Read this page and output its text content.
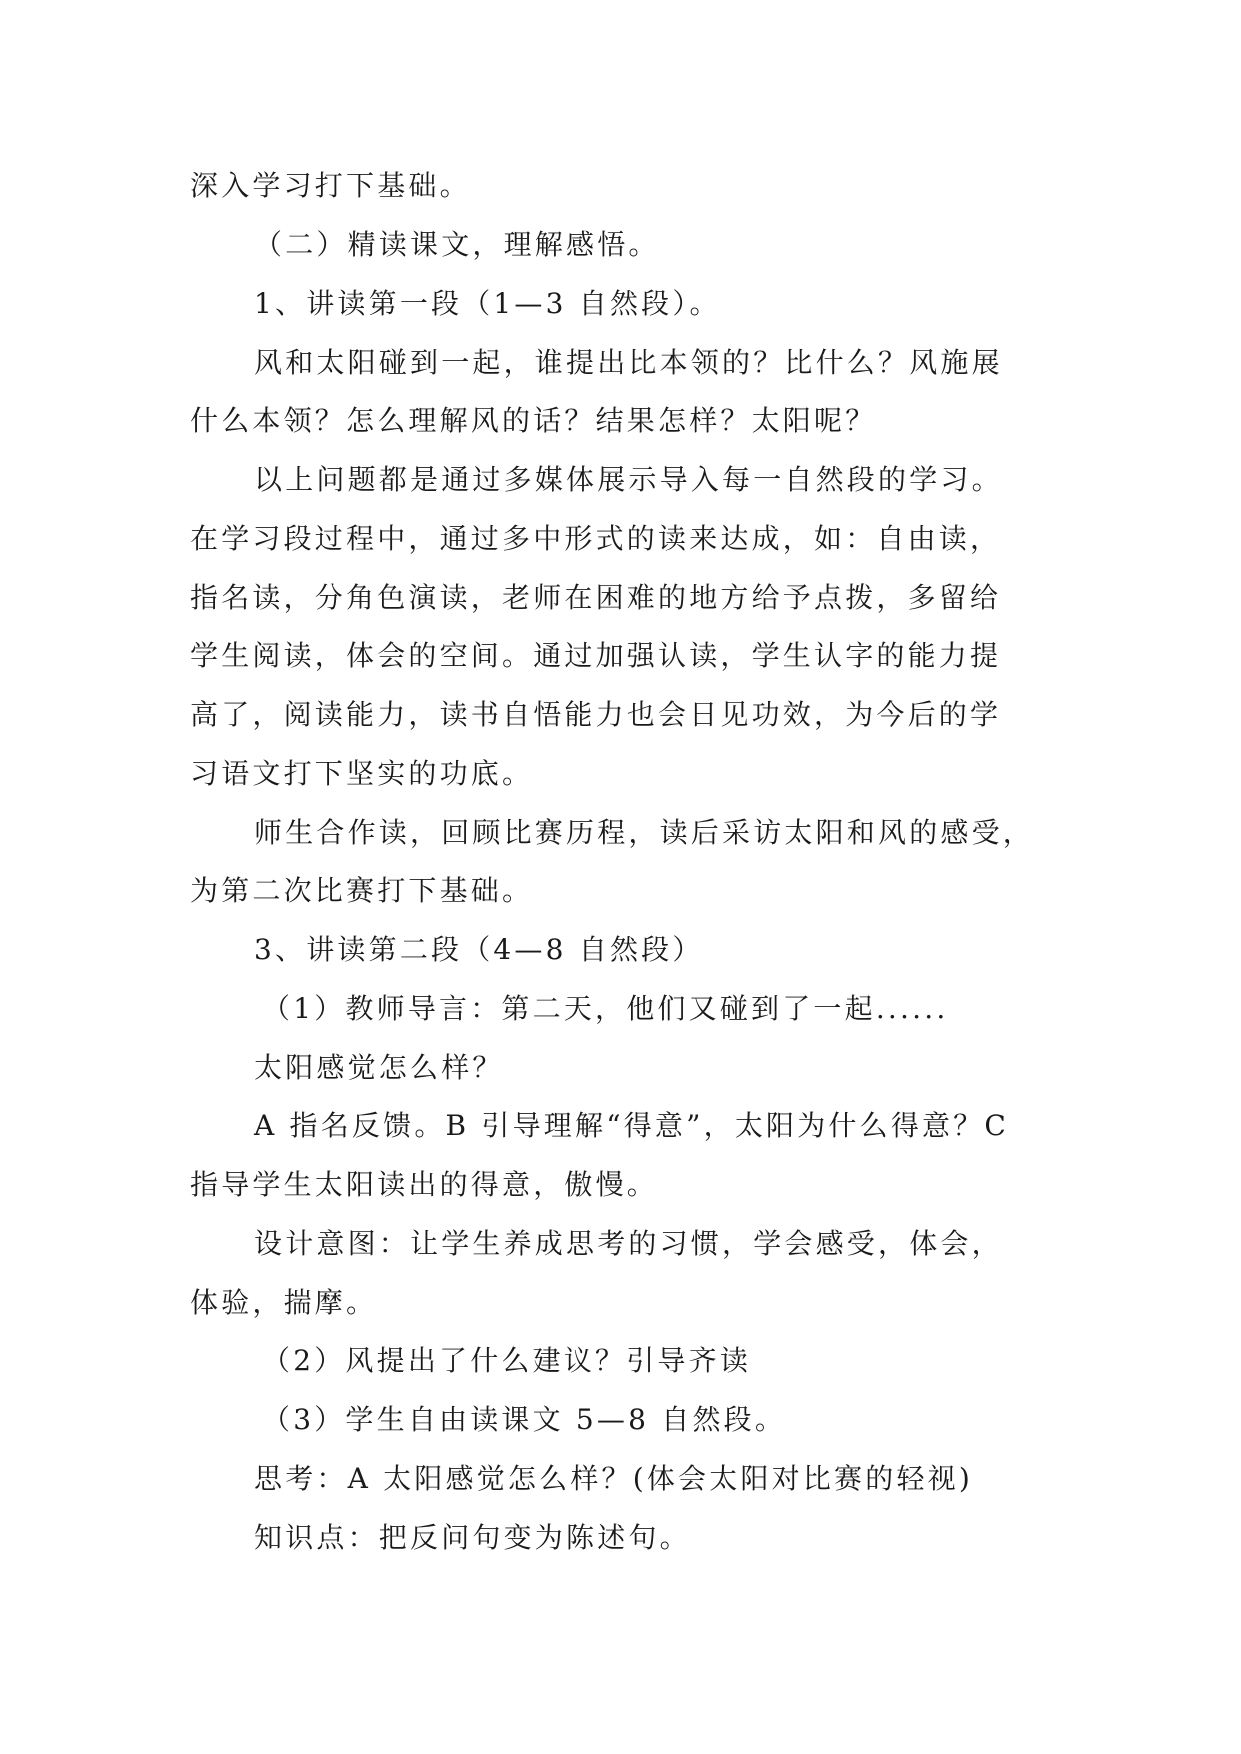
深入学习打下基础。
（二）精读课文，理解感悟。
1、讲读第一段（1—3 自然段）。
风和太阳碰到一起，谁提出比本领的？比什么？风施展
什么本领？怎么理解风的话？结果怎样？太阳呢？
以上问题都是通过多媒体展示导入每一自然段的学习。
在学习段过程中，通过多中形式的读来达成，如：自由读，
指名读，分角色演读，老师在困难的地方给予点拨，多留给
学生阅读，体会的空间。通过加强认读，学生认字的能力提
高了，阅读能力，读书自悟能力也会日见功效，为今后的学
习语文打下坚实的功底。
师生合作读，回顾比赛历程，读后采访太阳和风的感受，
为第二次比赛打下基础。
3、讲读第二段（4—8 自然段）
（1）教师导言：第二天，他们又碰到了一起......
太阳感觉怎么样？
A 指名反馈。B 引导理解“得意”，太阳为什么得意？C
指导学生太阳读出的得意，傲慢。
设计意图：让学生养成思考的习惯，学会感受，体会，
体验，揣摩。
（2）风提出了什么建议？引导齐读
（3）学生自由读课文 5—8 自然段。
思考：A 太阳感觉怎么样？(体会太阳对比赛的轻视)
知识点：把反问句变为陈述句。
